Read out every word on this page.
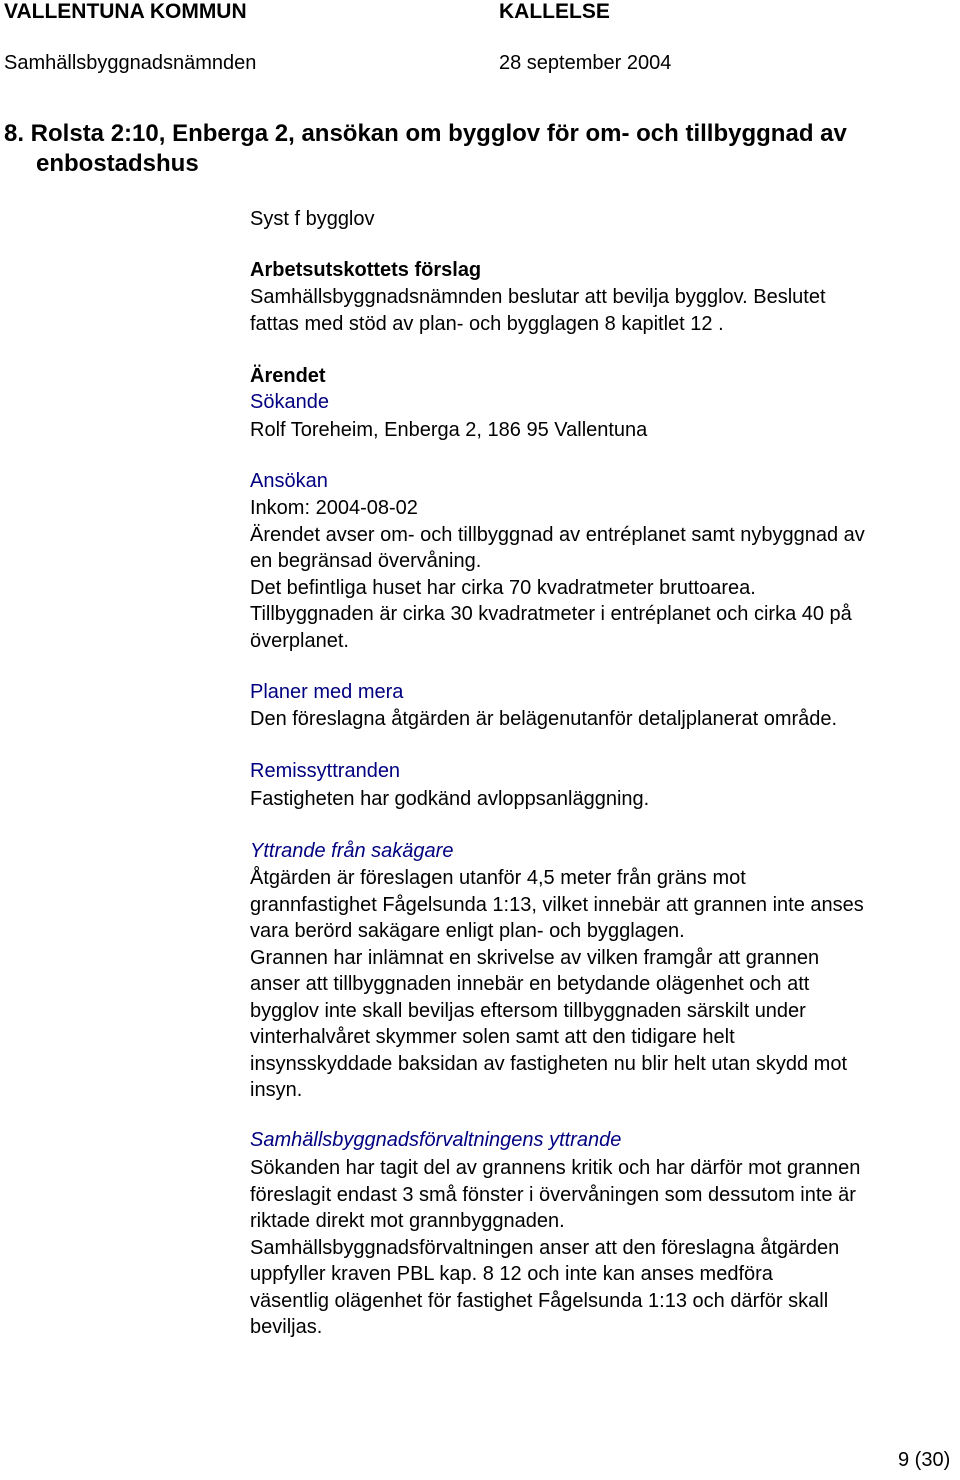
VALLENTUNA KOMMUN	KALLELSE
Samhällsbyggnadsnämnden	28 september 2004
8. Rolsta 2:10, Enberga 2, ansökan om bygglov för om- och tillbyggnad av
enbostadshus
Syst f bygglov
Arbetsutskottets förslag
Samhällsbyggnadsnämnden beslutar att bevilja bygglov. Beslutet
fattas med stöd av plan- och bygglagen 8 kapitlet 12 .
Ärendet
Sökande
Rolf Toreheim, Enberga 2, 186 95 Vallentuna
Ansökan
Inkom: 2004-08-02
Ärendet avser om- och tillbyggnad av entréplanet samt nybyggnad av
en begränsad övervåning.
Det befintliga huset har cirka 70 kvadratmeter bruttoarea.
Tillbyggnaden är cirka 30 kvadratmeter i entréplanet och cirka 40 på
överplanet.
Planer med mera
Den föreslagna åtgärden är belägenutanför detaljplanerat område.
Remissyttranden
Fastigheten har godkänd avloppsanläggning.
Yttrande från sakägare
Åtgärden är föreslagen utanför 4,5 meter från gräns mot
grannfastighet Fågelsunda 1:13, vilket innebär att grannen inte anses
vara berörd sakägare enligt plan- och bygglagen.
Grannen har inlämnat en skrivelse av vilken framgår att grannen
anser att tillbyggnaden innebär en betydande olägenhet och att
bygglov inte skall beviljas eftersom tillbyggnaden särskilt under
vinterhalvåret skymmer solen samt att den tidigare helt
insynsskyddade baksidan av fastigheten nu blir helt utan skydd mot
insyn.
Samhällsbyggnadsförvaltningens yttrande
Sökanden har tagit del av grannens kritik och har därför mot grannen
föreslagit endast 3 små fönster i övervåningen som dessutom inte är
riktade direkt mot grannbyggnaden.
Samhällsbyggnadsförvaltningen anser att den föreslagna åtgärden
uppfyller kraven PBL kap. 8 12 och inte kan anses medföra
väsentlig olägenhet för fastighet Fågelsunda 1:13 och därför skall
beviljas.
9 (30)
